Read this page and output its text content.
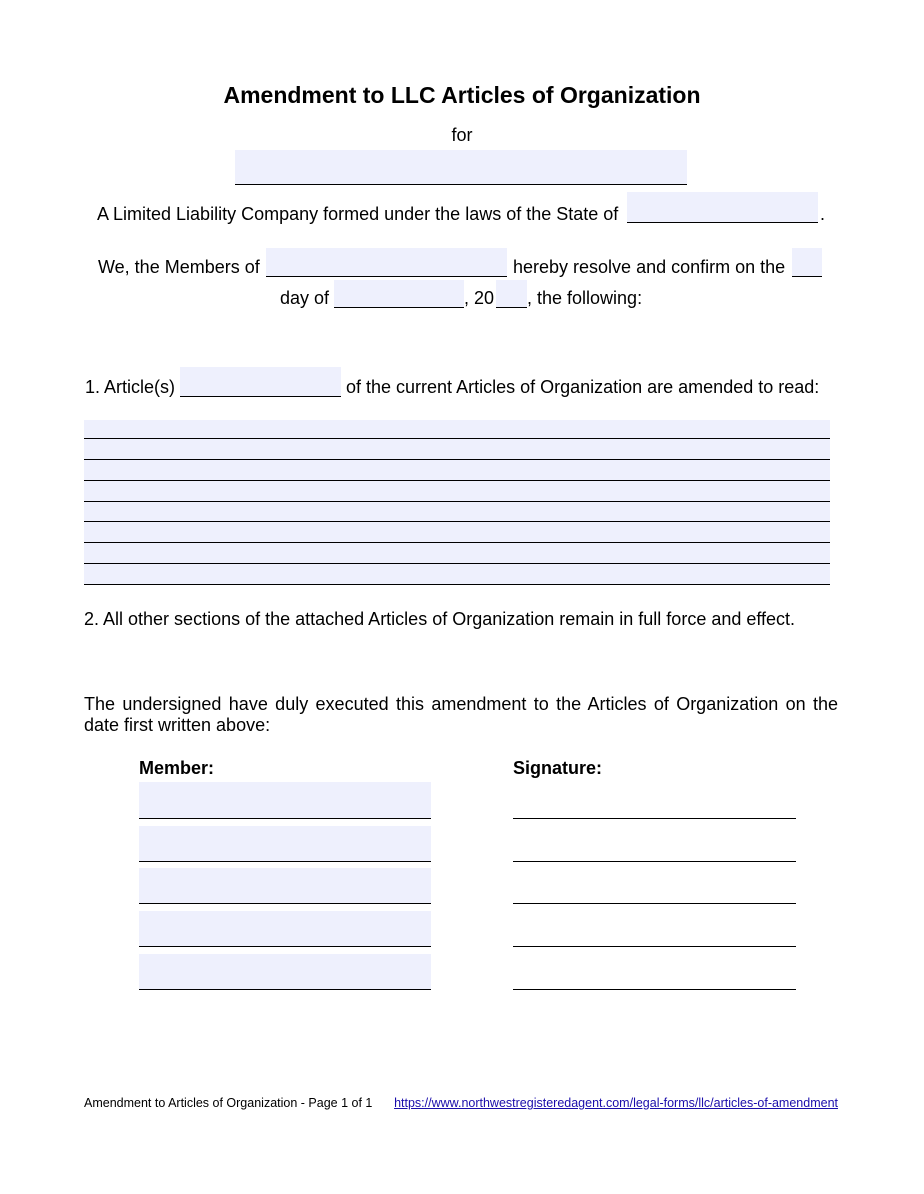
Amendment to LLC Articles of Organization
for
A Limited Liability Company formed under the laws of the State of	.
We, the Members of	hereby resolve and confirm on the
day of	, 20 , the following:
1. Article(s)	of the current Articles of Organization are amended to read:
2. All other sections of the attached Articles of Organization remain in full force and effect.
The undersigned have duly executed this amendment to the Articles of Organization on the date first written above:
Member:	Signature:
Amendment to Articles of Organization - Page 1 of 1 https://www.northwestregisteredagent.com/legal-forms/llc/articles-of-amendment
